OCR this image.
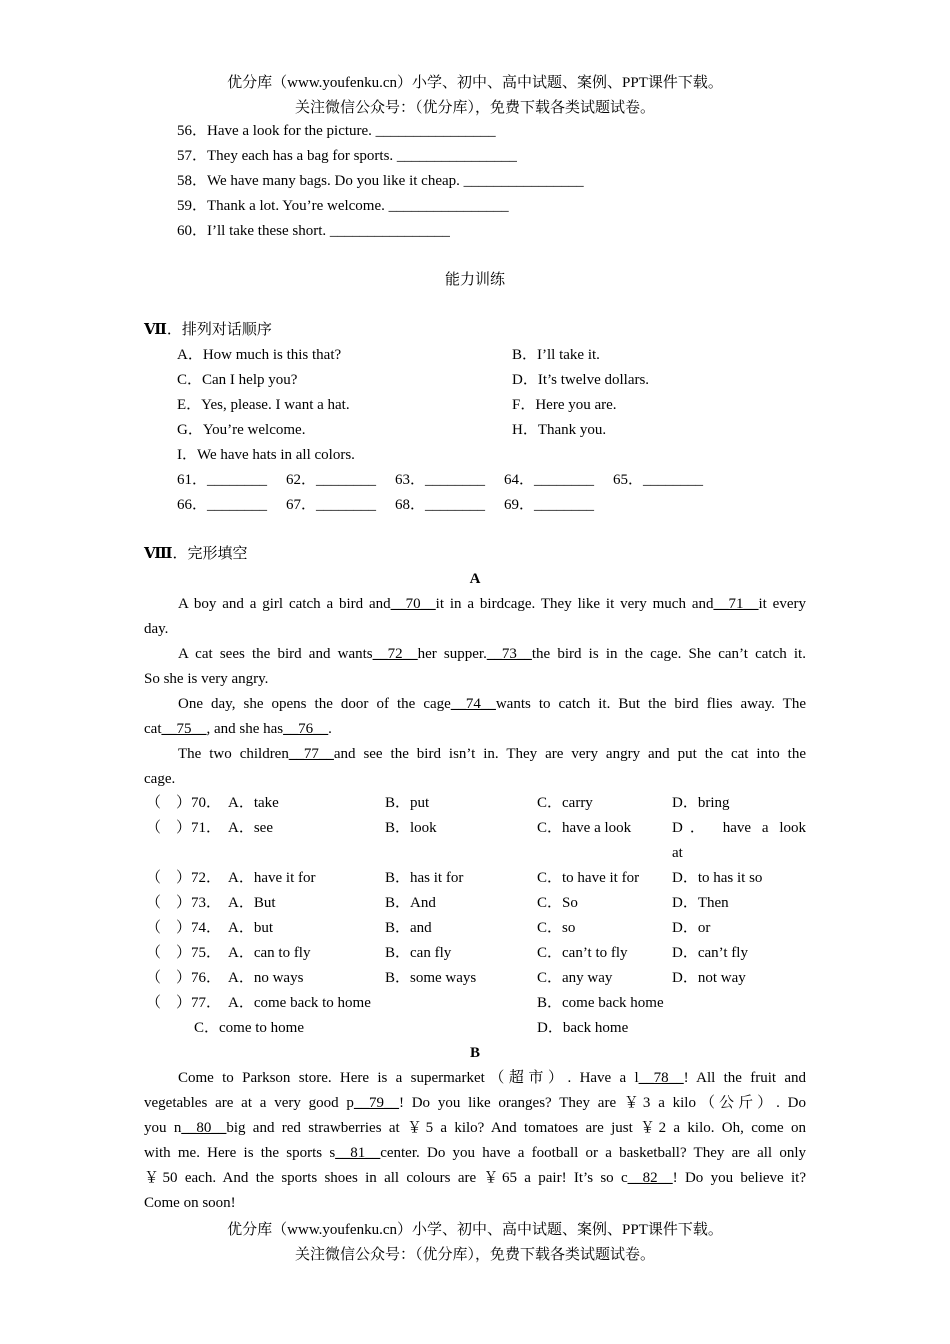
优分库（www.youfenku.cn）小学、初中、高中试题、案例、PPT课件下载。
关注微信公众号：（优分库），免费下载各类试题试卷。
56．Have a look for the picture. ________________
57．They each has a bag for sports. ________________
58．We have many bags. Do you like it cheap. ________________
59．Thank a lot. You’re welcome. ________________
60．I’ll take these short. ________________
能力训练
Ⅶ．排列对话顺序
A．How much is this that?	B．I’ll take it.
C．Can I help you?	D．It’s twelve dollars.
E．Yes, please. I want a hat.	F．Here you are.
G．You’re welcome.	H．Thank you.
I．We have hats in all colors.
61．________ 62．________ 63．________ 64．________ 65．________
66．________ 67．________ 68．________ 69．________
Ⅷ．完形填空
A
A boy and a girl catch a bird and__70__it in a birdcage. They like it very much and__71__it every
day.
A cat sees the bird and wants__72__her supper.__73__the bird is in the cage. She can’t catch it.
So she is very angry.
One day, she opens the door of the cage__74__wants to catch it. But the bird flies away. The
cat__75__, and she has__76__.
The two children__77__and see the bird isn’t in. They are very angry and put the cat into the
cage.
（　）70． A．take	B．put	C．carry	D．bring
（　）71． A．see	B．look	C．have a look	D． have a look
at
（　）72． A．have it for	B．has it for	C．to have it for D．to has it so
（　）73． A．But	B．And	C．So	D．Then
（　）74． A．but	B．and	C．so	D．or
（　）75． A．can to fly	B．can fly	C．can’t to fly	D．can’t fly
（　）76． A．no ways	B．some ways	C．any way	D．not way
（　）77． A．come back to home	B．come back home
C．come to home	D．back home
B
Come to Parkson store. Here is a supermarket（超市）. Have a l__78__! All the fruit and
vegetables are at a very good p__79__! Do you like oranges? They are ￥3 a kilo（公斤）. Do
you n__80__big and red strawberries at ￥5 a kilo? And tomatoes are just ￥2 a kilo. Oh, come on
with me. Here is the sports s__81__center. Do you have a football or a basketball? They are all only
￥50 each. And the sports shoes in all colours are ￥65 a pair! It’s so c__82__! Do you believe it?
Come on soon!
优分库（www.youfenku.cn）小学、初中、高中试题、案例、PPT课件下载。
关注微信公众号：（优分库），免费下载各类试题试卷。
